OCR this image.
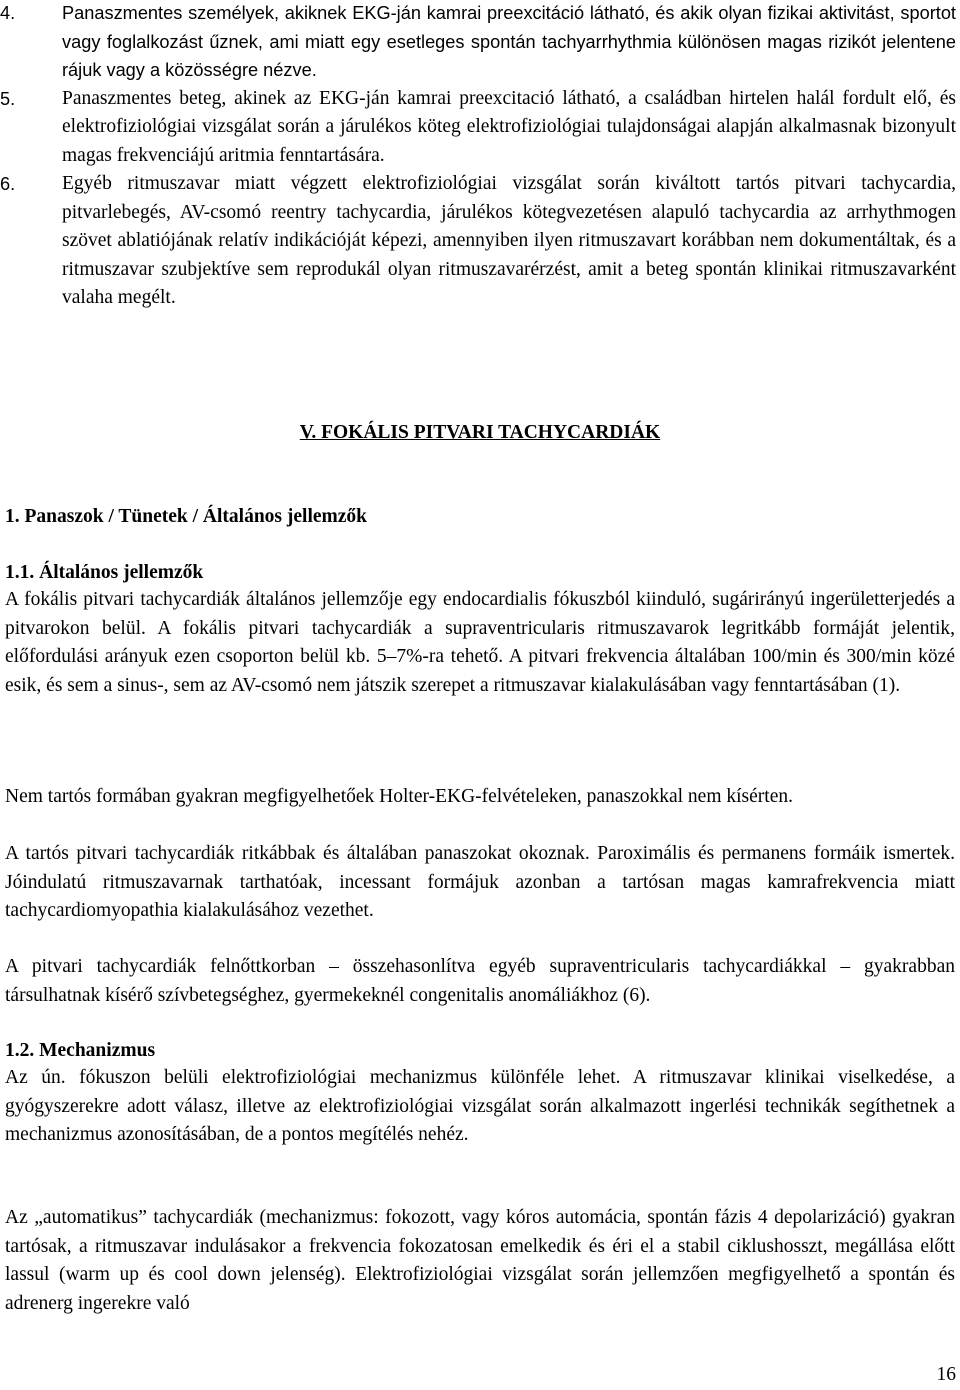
4.	Panaszmentes személyek, akiknek EKG-ján kamrai preexcitáció látható, és akik olyan fizikai aktivitást, sportot vagy foglalkozást űznek, ami miatt egy esetleges spontán tachyarrhythmia különösen magas rizikót jelentene rájuk vagy a közösségre nézve.
5.	Panaszmentes beteg, akinek az EKG-ján kamrai preexcitació látható, a családban hirtelen halál fordult elő, és elektrofiziológiai vizsgálat során a járulékos köteg elektrofiziológiai tulajdonságai alapján alkalmasnak bizonyult magas frekvenciájú aritmia fenntartására.
6.	Egyéb ritmuszavar miatt végzett elektrofiziológiai vizsgálat során kiváltott tartós pitvari tachycardia, pitvarlebegés, AV-csomó reentry tachycardia, járulékos kötegvezetésen alapuló tachycardia az arrhythmogen szövet ablatiójának relatív indikációját képezi, amennyiben ilyen ritmuszavart korábban nem dokumentáltak, és a ritmuszavar szubjektíve sem reprodukál olyan ritmuszavarérzést, amit a beteg spontán klinikai ritmuszavarként valaha megélt.
V. FOKÁLIS PITVARI TACHYCARDIÁK
1. Panaszok / Tünetek / Általános jellemzők
1.1. Általános jellemzők
A fokális pitvari tachycardiák általános jellemzője egy endocardialis fókuszból kiinduló, sugárirányú ingerületterjedés a pitvarokon belül. A fokális pitvari tachycardiák a supraventricularis ritmuszavarok legritkább formáját jelentik, előfordulási arányuk ezen csoporton belül kb. 5–7%-ra tehető. A pitvari frekvencia általában 100/min és 300/min közé esik, és sem a sinus-, sem az AV-csomó nem játszik szerepet a ritmuszavar kialakulásában vagy fenntartásában (1).
Nem tartós formában gyakran megfigyelhetőek Holter-EKG-felvételeken, panaszokkal nem kísérten.
A tartós pitvari tachycardiák ritkábbak és általában panaszokat okoznak. Paroximális és permanens formáik ismertek. Jóindulatú ritmuszavarnak tarthatóak, incessant formájuk azonban a tartósan magas kamrafrekvencia miatt tachycardiomyopathia kialakulásához vezethet.
A pitvari tachycardiák felnőttkorban – összehasonlítva egyéb supraventricularis tachycardiákkal – gyakrabban társulhatnak kísérő szívbetegséghez, gyermekeknél congenitalis anomáliákhoz (6).
1.2. Mechanizmus
Az ún. fókuszon belüli elektrofiziológiai mechanizmus különféle lehet. A ritmuszavar klinikai viselkedése, a gyógyszerekre adott válasz, illetve az elektrofiziológiai vizsgálat során alkalmazott ingerlési technikák segíthetnek a mechanizmus azonosításában, de a pontos megítélés nehéz.
Az „automatikus” tachycardiák (mechanizmus: fokozott, vagy kóros automácia, spontán fázis 4 depolarizáció) gyakran tartósak, a ritmuszavar indulásakor a frekvencia fokozatosan emelkedik és éri el a stabil ciklushosszt, megállása előtt lassul (warm up és cool down jelenség). Elektrofiziológiai vizsgálat során jellemzően megfigyelhető a spontán és adrenerg ingerekre való
16
